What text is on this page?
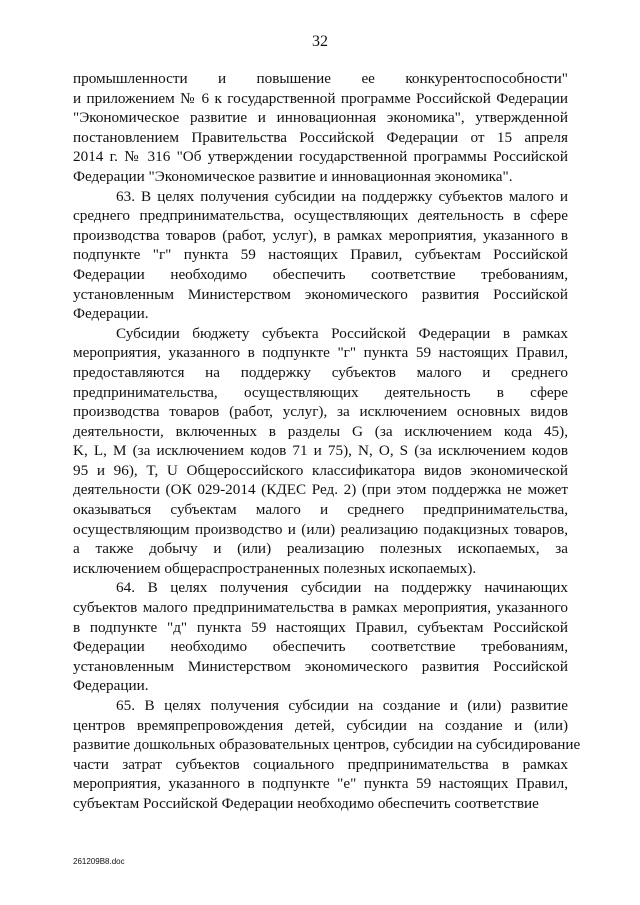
32

промышленности и повышение ее конкурентоспособности"
и приложением № 6 к государственной программе Российской Федерации
"Экономическое развитие и инновационная экономика", утвержденной
постановлением Правительства Российской Федерации от 15 апреля
2014 г. № 316 "Об утверждении государственной программы Российской
Федерации "Экономическое развитие и инновационная экономика".

63. В целях получения субсидии на поддержку субъектов малого и
среднего предпринимательства, осуществляющих деятельность в сфере
производства товаров (работ, услуг), в рамках мероприятия, указанного в
подпункте "г" пункта 59 настоящих Правил, субъектам Российской
Федерации необходимо обеспечить соответствие требованиям,
установленным Министерством экономического развития Российской
Федерации.

Субсидии бюджету субъекта Российской Федерации в рамках
мероприятия, указанного в подпункте "г" пункта 59 настоящих Правил,
предоставляются на поддержку субъектов малого и среднего
предпринимательства, осуществляющих деятельность в сфере
производства товаров (работ, услуг), за исключением основных видов
деятельности, включенных в разделы G (за исключением кода 45),
K, L, M (за исключением кодов 71 и 75), N, O, S (за исключением кодов
95 и 96), T, U Общероссийского классификатора видов экономической
деятельности (ОК 029-2014 (КДЕС Ред. 2) (при этом поддержка не может
оказываться субъектам малого и среднего предпринимательства,
осуществляющим производство и (или) реализацию подакцизных товаров,
а также добычу и (или) реализацию полезных ископаемых, за
исключением общераспространенных полезных ископаемых).

64. В целях получения субсидии на поддержку начинающих
субъектов малого предпринимательства в рамках мероприятия, указанного
в подпункте "д" пункта 59 настоящих Правил, субъектам Российской
Федерации необходимо обеспечить соответствие требованиям,
установленным Министерством экономического развития Российской
Федерации.

65. В целях получения субсидии на создание и (или) развитие
центров времяпрепровождения детей, субсидии на создание и (или)
развитие дошкольных образовательных центров, субсидии на субсидирование
части затрат субъектов социального предпринимательства в рамках
мероприятия, указанного в подпункте "е" пункта 59 настоящих Правил,
субъектам Российской Федерации необходимо обеспечить соответствие

261209B8.doc
